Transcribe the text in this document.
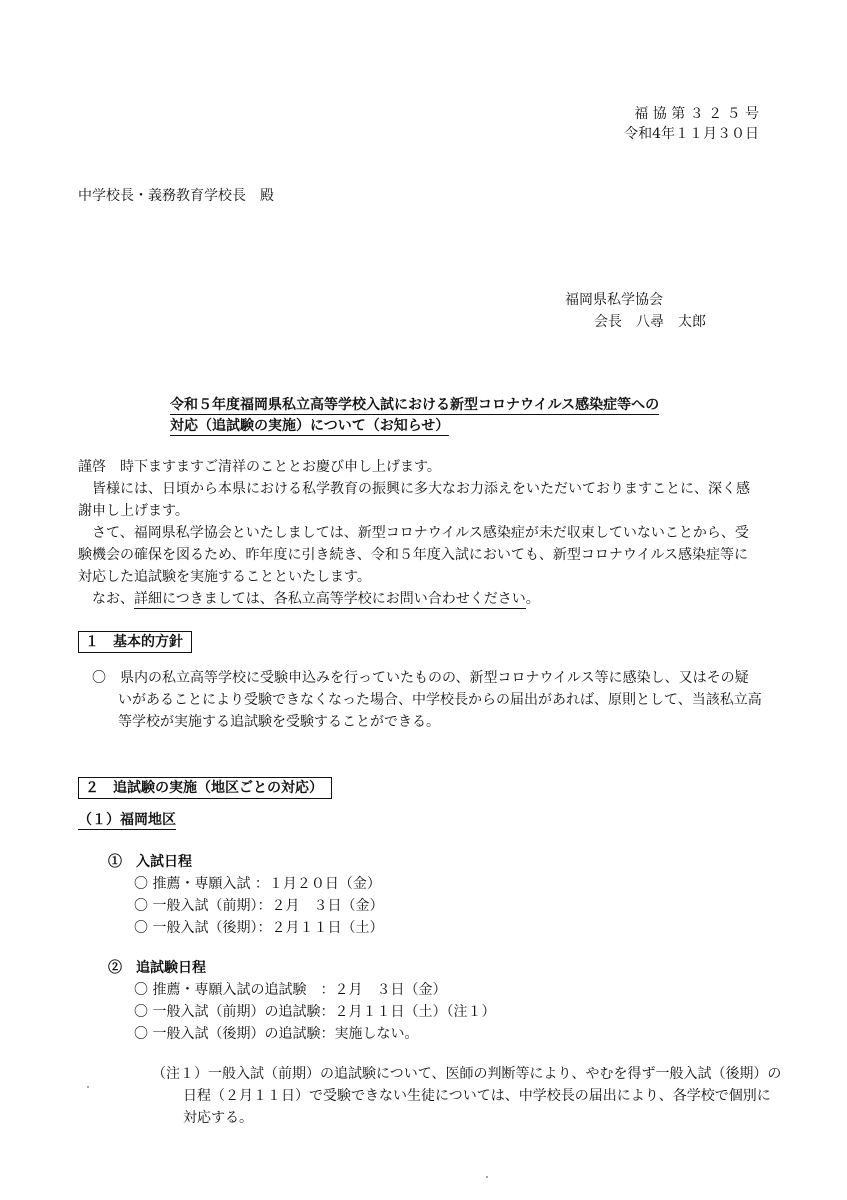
福 協 第 ３ ２ ５ 号
令和4年１１月３０日
中学校長・義務教育学校長　殿
福岡県私学協会
会長　八尋　太郎
令和５年度福岡県私立高等学校入試における新型コロナウイルス感染症等への
対応（追試験の実施）について（お知らせ）
謹啓　時下ますますご清祥のこととお慶び申し上げます。
　皆様には、日頃から本県における私学教育の振興に多大なお力添えをいただいておりますことに、深く感
謝申し上げます。
　さて、福岡県私学協会といたしましては、新型コロナウイルス感染症が未だ収束していないことから、受
験機会の確保を図るため、昨年度に引き続き、令和５年度入試においても、新型コロナウイルス感染症等に
対応した追試験を実施することといたします。
　なお、詳細につきましては、各私立高等学校にお問い合わせください。
１　基本的方針
〇　県内の私立高等学校に受験申込みを行っていたものの、新型コロナウイルス等に感染し、又はその疑
いがあることにより受験できなくなった場合、中学校長からの届出があれば、原則として、当該私立高
等学校が実施する追試験を受験することができる。
２　追試験の実施（地区ごとの対応）
（１）福岡地区
①　入試日程
〇 推薦・専願入試 ：１月２０日（金）
〇 一般入試（前期）：２月　３日（金）
〇 一般入試（後期）：２月１１日（土）
②　追試験日程
〇 推薦・専願入試の追試験　：２月　３日（金）
〇 一般入試（前期）の追試験：２月１１日（土）（注１）
〇 一般入試（後期）の追試験：実施しない。
（注１）一般入試（前期）の追試験について、医師の判断等により、やむを得ず一般入試（後期）の
日程（２月１１日）で受験できない生徒については、中学校長の届出により、各学校で個別に
対応する。
